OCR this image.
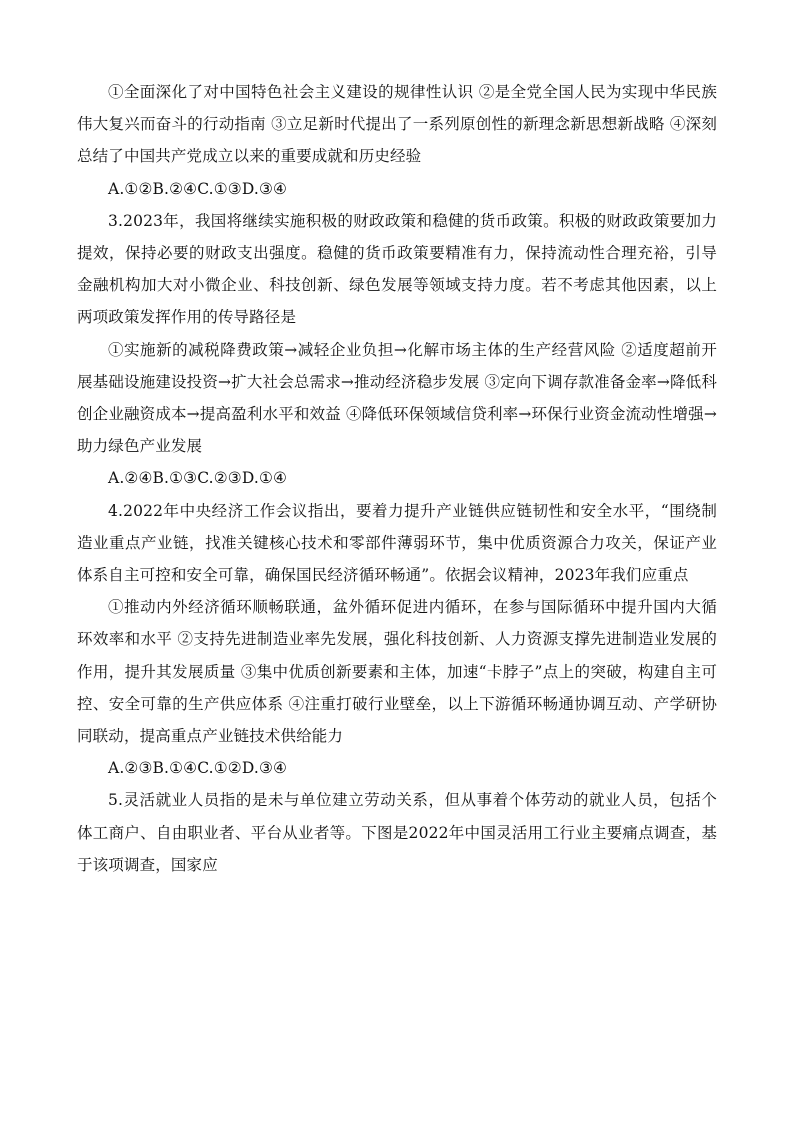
①全面深化了对中国特色社会主义建设的规律性认识 ②是全党全国人民为实现中华民族伟大复兴而奋斗的行动指南 ③立足新时代提出了一系列原创性的新理念新思想新战略 ④深刻总结了中国共产党成立以来的重要成就和历史经验

A.①②B.②④C.①③D.③④

3.2023年，我国将继续实施积极的财政政策和稳健的货币政策。积极的财政政策要加力提效，保持必要的财政支出强度。稳健的货币政策要精准有力，保持流动性合理充裕，引导金融机构加大对小微企业、科技创新、绿色发展等领域支持力度。若不考虑其他因素，以上两项政策发挥作用的传导路径是

①实施新的减税降费政策→减轻企业负担→化解市场主体的生产经营风险 ②适度超前开展基础设施建设投资→扩大社会总需求→推动经济稳步发展 ③定向下调存款准备金率→降低科创企业融资成本→提高盈利水平和效益 ④降低环保领域信贷利率→环保行业资金流动性增强→助力绿色产业发展

A.②④B.①③C.②③D.①④

4.2022年中央经济工作会议指出，要着力提升产业链供应链韧性和安全水平，“围绕制造业重点产业链，找准关键核心技术和零部件薄弱环节，集中优质资源合力攻关，保证产业体系自主可控和安全可靠，确保国民经济循环畅通”。依据会议精神，2023年我们应重点

①推动内外经济循环顺畅联通，盆外循环促进内循环，在参与国际循环中提升国内大循环效率和水平 ②支持先进制造业率先发展，强化科技创新、人力资源支撑先进制造业发展的作用，提升其发展质量 ③集中优质创新要素和主体，加速“卡脖子”点上的突破，构建自主可控、安全可靠的生产供应体系 ④注重打破行业壁垒，以上下游循环畅通协调互动、产学研协同联动，提高重点产业链技术供给能力

A.②③B.①④C.①②D.③④

5.灵活就业人员指的是未与单位建立劳动关系，但从事着个体劳动的就业人员，包括个体工商户、自由职业者、平台从业者等。下图是2022年中国灵活用工行业主要痛点调查，基于该项调查，国家应
